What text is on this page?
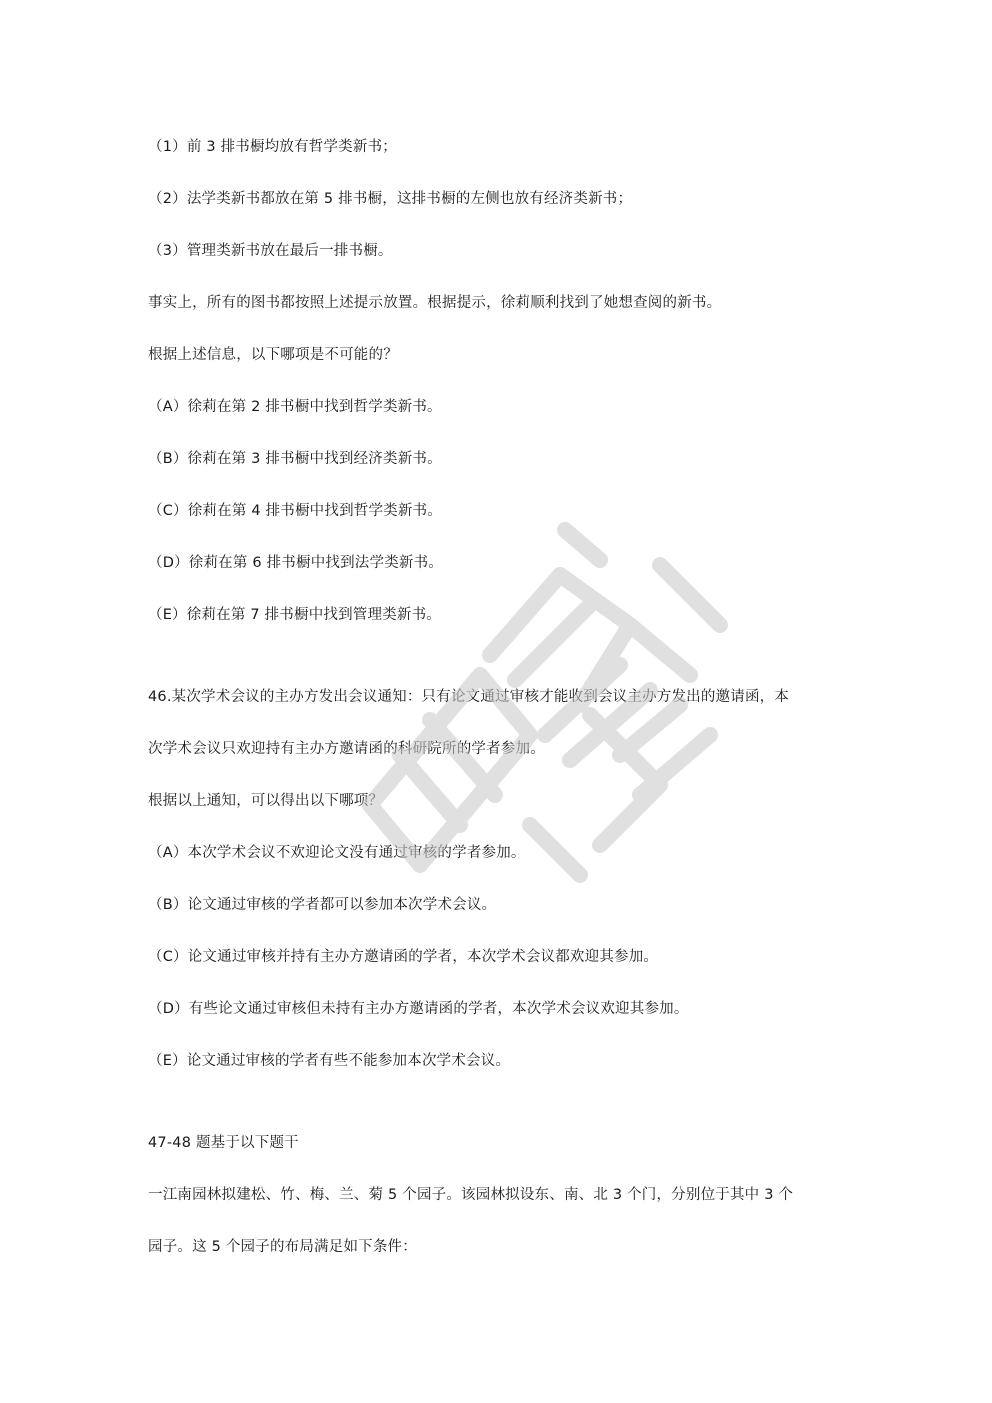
（1）前 3 排书橱均放有哲学类新书；

（2）法学类新书都放在第 5 排书橱，这排书橱的左侧也放有经济类新书；

（3）管理类新书放在最后一排书橱。

事实上，所有的图书都按照上述提示放置。根据提示，徐莉顺利找到了她想查阅的新书。

根据上述信息，以下哪项是不可能的？

（A）徐莉在第 2 排书橱中找到哲学类新书。

（B）徐莉在第 3 排书橱中找到经济类新书。

（C）徐莉在第 4 排书橱中找到哲学类新书。

（D）徐莉在第 6 排书橱中找到法学类新书。

（E）徐莉在第 7 排书橱中找到管理类新书。

46.某次学术会议的主办方发出会议通知：只有论文通过审核才能收到会议主办方发出的邀请函，本

次学术会议只欢迎持有主办方邀请函的科研院所的学者参加。

根据以上通知，可以得出以下哪项？

（A）本次学术会议不欢迎论文没有通过审核的学者参加。

（B）论文通过审核的学者都可以参加本次学术会议。

（C）论文通过审核并持有主办方邀请函的学者，本次学术会议都欢迎其参加。

（D）有些论文通过审核但未持有主办方邀请函的学者，本次学术会议欢迎其参加。

（E）论文通过审核的学者有些不能参加本次学术会议。

47-48 题基于以下题干

一江南园林拟建松、竹、梅、兰、菊 5 个园子。该园林拟设东、南、北 3 个门，分别位于其中 3 个

园子。这 5 个园子的布局满足如下条件：
